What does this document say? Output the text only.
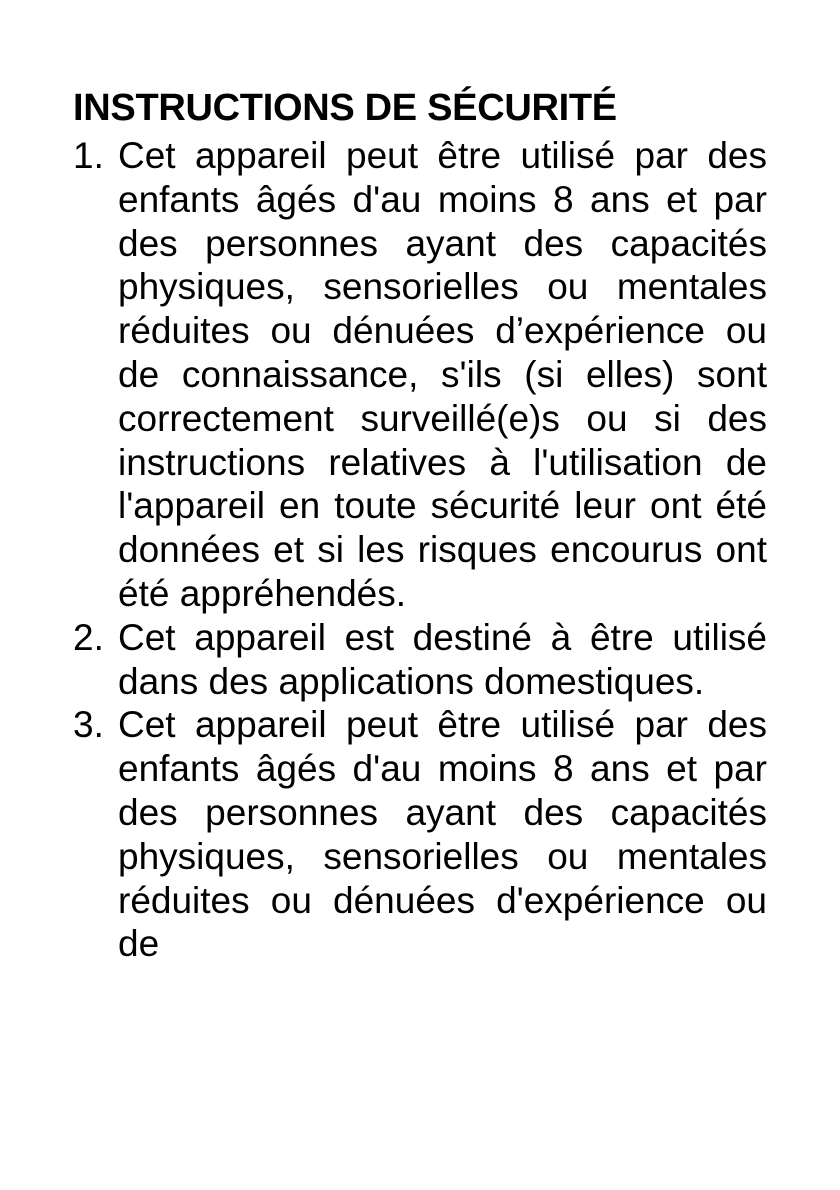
INSTRUCTIONS DE SÉCURITÉ
1. Cet appareil peut être utilisé par des enfants âgés d'au moins 8 ans et par des personnes ayant des capacités physiques, sensorielles ou mentales réduites ou dénuées d’expérience ou de connaissance, s'ils (si elles) sont correctement surveillé(e)s ou si des instructions relatives à l'utilisation de l'appareil en toute sécurité leur ont été données et si les risques encourus ont été appréhendés.
2. Cet appareil est destiné à être utilisé dans des applications domestiques.
3. Cet appareil peut être utilisé par des enfants âgés d'au moins 8 ans et par des personnes ayant des capacités physiques, sensorielles ou mentales réduites ou dénuées d'expérience ou de
